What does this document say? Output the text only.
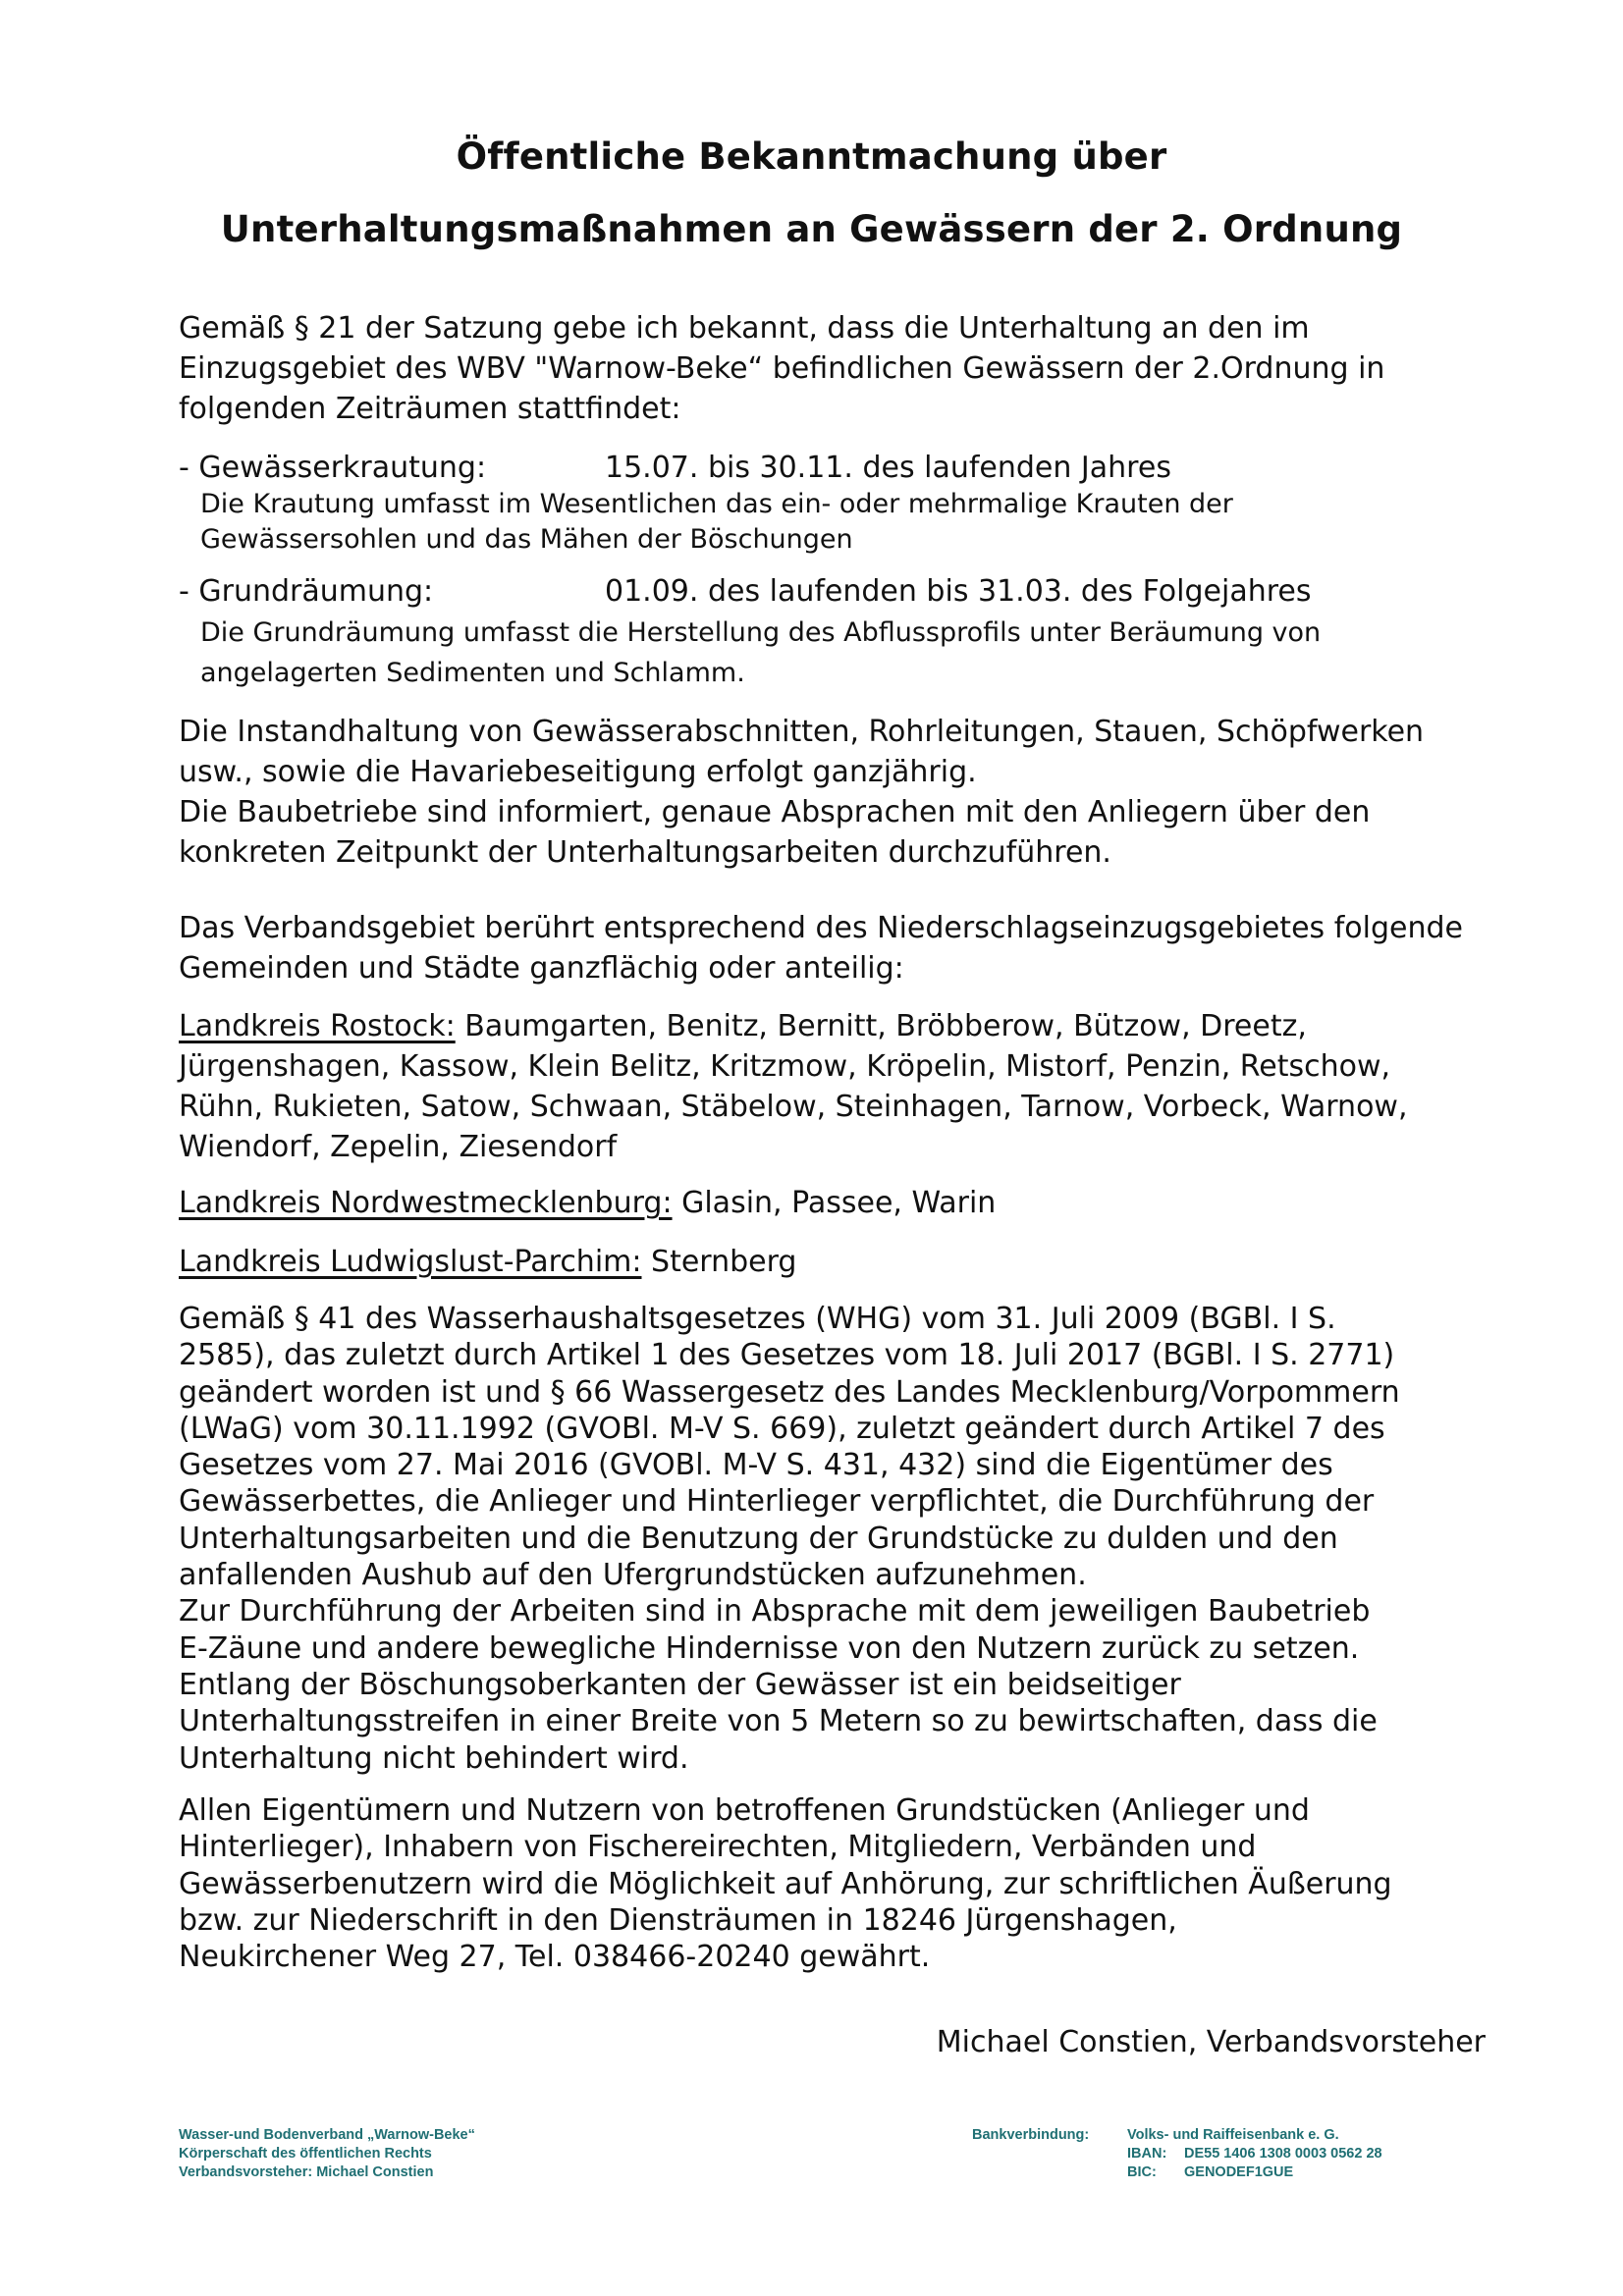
Öffentliche Bekanntmachung über
Unterhaltungsmaßnahmen an Gewässern der 2. Ordnung
Gemäß § 21 der Satzung gebe ich bekannt, dass die Unterhaltung an den im
Einzugsgebiet des WBV "Warnow-Beke“ befindlichen Gewässern der 2.Ordnung in
folgenden Zeiträumen stattfindet:
- Gewässerkrautung:	15.07. bis 30.11. des laufenden Jahres
Die Krautung umfasst im Wesentlichen das ein- oder mehrmalige Krauten der
Gewässersohlen und das Mähen der Böschungen
- Grundräumung:	01.09. des laufenden bis 31.03. des Folgejahres
Die Grundräumung umfasst die Herstellung des Abflussprofils unter Beräumung von
angelagerten Sedimenten und Schlamm.
Die Instandhaltung von Gewässerabschnitten, Rohrleitungen, Stauen, Schöpfwerken
usw., sowie die Havariebeseitigung erfolgt ganzjährig.
Die Baubetriebe sind informiert, genaue Absprachen mit den Anliegern über den
konkreten Zeitpunkt der Unterhaltungsarbeiten durchzuführen.
Das Verbandsgebiet berührt entsprechend des Niederschlagseinzugsgebietes folgende
Gemeinden und Städte ganzflächig oder anteilig:
Landkreis Rostock: Baumgarten, Benitz, Bernitt, Bröbberow, Bützow, Dreetz,
Jürgenshagen, Kassow, Klein Belitz, Kritzmow, Kröpelin, Mistorf, Penzin, Retschow,
Rühn, Rukieten, Satow, Schwaan, Stäbelow, Steinhagen, Tarnow, Vorbeck, Warnow,
Wiendorf, Zepelin, Ziesendorf
Landkreis Nordwestmecklenburg: Glasin, Passee, Warin
Landkreis Ludwigslust-Parchim: Sternberg
Gemäß § 41 des Wasserhaushaltsgesetzes (WHG) vom 31. Juli 2009 (BGBl. I S.
2585), das zuletzt durch Artikel 1 des Gesetzes vom 18. Juli 2017 (BGBl. I S. 2771)
geändert worden ist und § 66 Wassergesetz des Landes Mecklenburg/Vorpommern
(LWaG) vom 30.11.1992 (GVOBl. M-V S. 669), zuletzt geändert durch Artikel 7 des
Gesetzes vom 27. Mai 2016 (GVOBl. M-V S. 431, 432) sind die Eigentümer des
Gewässerbettes, die Anlieger und Hinterlieger verpflichtet, die Durchführung der
Unterhaltungsarbeiten und die Benutzung der Grundstücke zu dulden und den
anfallenden Aushub auf den Ufergrundstücken aufzunehmen.
Zur Durchführung der Arbeiten sind in Absprache mit dem jeweiligen Baubetrieb
E-Zäune und andere bewegliche Hindernisse von den Nutzern zurück zu setzen.
Entlang der Böschungsoberkanten der Gewässer ist ein beidseitiger
Unterhaltungsstreifen in einer Breite von 5 Metern so zu bewirtschaften, dass die
Unterhaltung nicht behindert wird.
Allen Eigentümern und Nutzern von betroffenen Grundstücken (Anlieger und
Hinterlieger), Inhabern von Fischereirechten, Mitgliedern, Verbänden und
Gewässerbenutzern wird die Möglichkeit auf Anhörung, zur schriftlichen Äußerung
bzw. zur Niederschrift in den Diensträumen in 18246 Jürgenshagen,
Neukirchener Weg 27, Tel. 038466-20240 gewährt.
Michael Constien, Verbandsvorsteher
Wasser-und Bodenverband „Warnow-Beke“
Körperschaft des öffentlichen Rechts
Verbandsvorsteher: Michael Constien
Bankverbindung:	Volks- und Raiffeisenbank e. G.
IBAN: DE55 1406 1308 0003 0562 28
BIC: GENODEF1GUE
